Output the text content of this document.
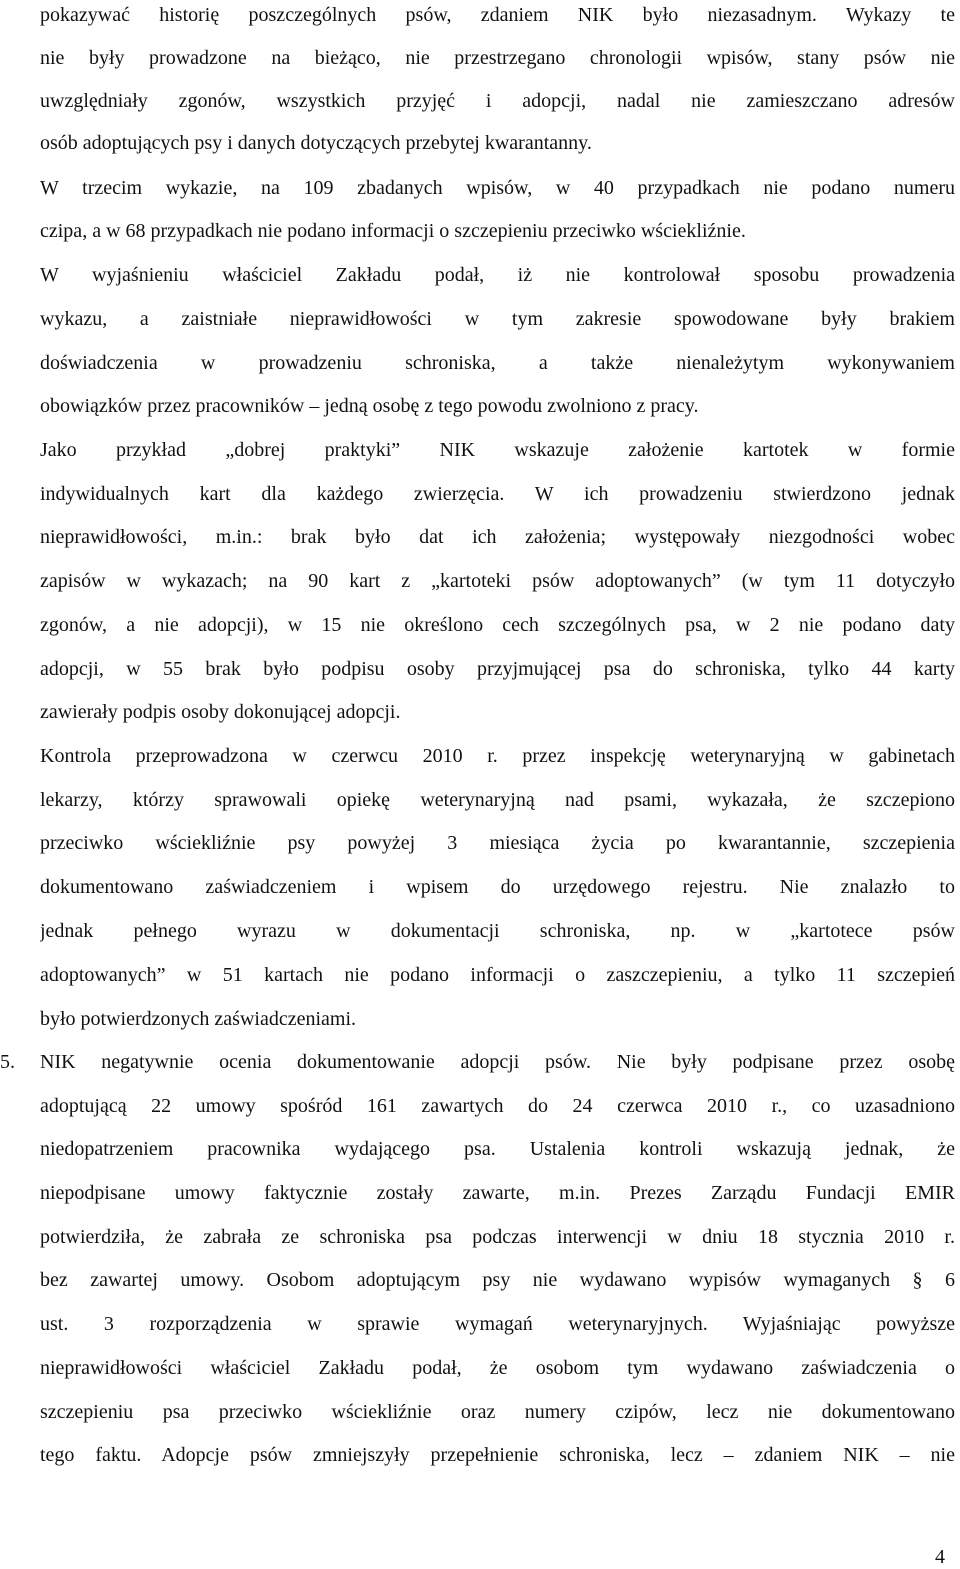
pokazywać historię poszczególnych psów, zdaniem NIK było niezasadnym. Wykazy te
nie były prowadzone na bieżąco, nie przestrzegano chronologii wpisów, stany psów nie
uwzględniały zgonów, wszystkich przyjęć i adopcji, nadal nie zamieszczano adresów
osób adoptujących psy i danych dotyczących przebytej kwarantanny.
W trzecim wykazie, na 109 zbadanych wpisów, w 40 przypadkach nie podano numeru
czipa, a w 68 przypadkach nie podano informacji o szczepieniu przeciwko wściekliźnie.
W wyjaśnieniu właściciel Zakładu podał, iż nie kontrolował sposobu prowadzenia
wykazu, a zaistniałe nieprawidłowości w tym zakresie spowodowane były brakiem
doświadczenia w prowadzeniu schroniska, a także nienależytym wykonywaniem
obowiązków przez pracowników – jedną osobę z tego powodu zwolniono z pracy.
Jako przykład „dobrej praktyki” NIK wskazuje założenie kartotek w formie
indywidualnych kart dla każdego zwierzęcia. W ich prowadzeniu stwierdzono jednak
nieprawidłowości, m.in.: brak było dat ich założenia; występowały niezgodności wobec
zapisów w wykazach; na 90 kart z „kartoteki psów adoptowanych” (w tym 11 dotyczyło
zgonów, a nie adopcji), w 15 nie określono cech szczególnych psa, w 2 nie podano daty
adopcji, w 55 brak było podpisu osoby przyjmującej psa do schroniska, tylko 44 karty
zawierały podpis osoby dokonującej adopcji.
Kontrola przeprowadzona w czerwcu 2010 r. przez inspekcję weterynaryjną w gabinetach
lekarzy, którzy sprawowali opiekę weterynaryjną nad psami, wykazała, że szczepiono
przeciwko wściekliźnie psy powyżej 3 miesiąca życia po kwarantannie, szczepienia
dokumentowano zaświadczeniem i wpisem do urzędowego rejestru. Nie znalazło to
jednak pełnego wyrazu w dokumentacji schroniska, np. w „kartotece psów
adoptowanych” w 51 kartach nie podano informacji o zaszczepieniu, a tylko 11 szczepień
było potwierdzonych zaświadczeniami.
5.	NIK negatywnie ocenia dokumentowanie adopcji psów. Nie były podpisane przez osobę
adoptującą 22 umowy spośród 161 zawartych do 24 czerwca 2010 r., co uzasadniono
niedopatrzeniem pracownika wydającego psa. Ustalenia kontroli wskazują jednak, że
niepodpisane umowy faktycznie zostały zawarte, m.in. Prezes Zarządu Fundacji EMIR
potwierdziła, że zabrała ze schroniska psa podczas interwencji w dniu 18 stycznia 2010 r.
bez zawartej umowy. Osobom adoptującym psy nie wydawano wypisów wymaganych § 6
ust. 3 rozporządzenia w sprawie wymagań weterynaryjnych. Wyjaśniając powyższe
nieprawidłowości właściciel Zakładu podał, że osobom tym wydawano zaświadczenia o
szczepieniu psa przeciwko wściekliźnie oraz numery czipów, lecz nie dokumentowano
tego faktu. Adopcje psów zmniejszyły przepełnienie schroniska, lecz – zdaniem NIK – nie
4
